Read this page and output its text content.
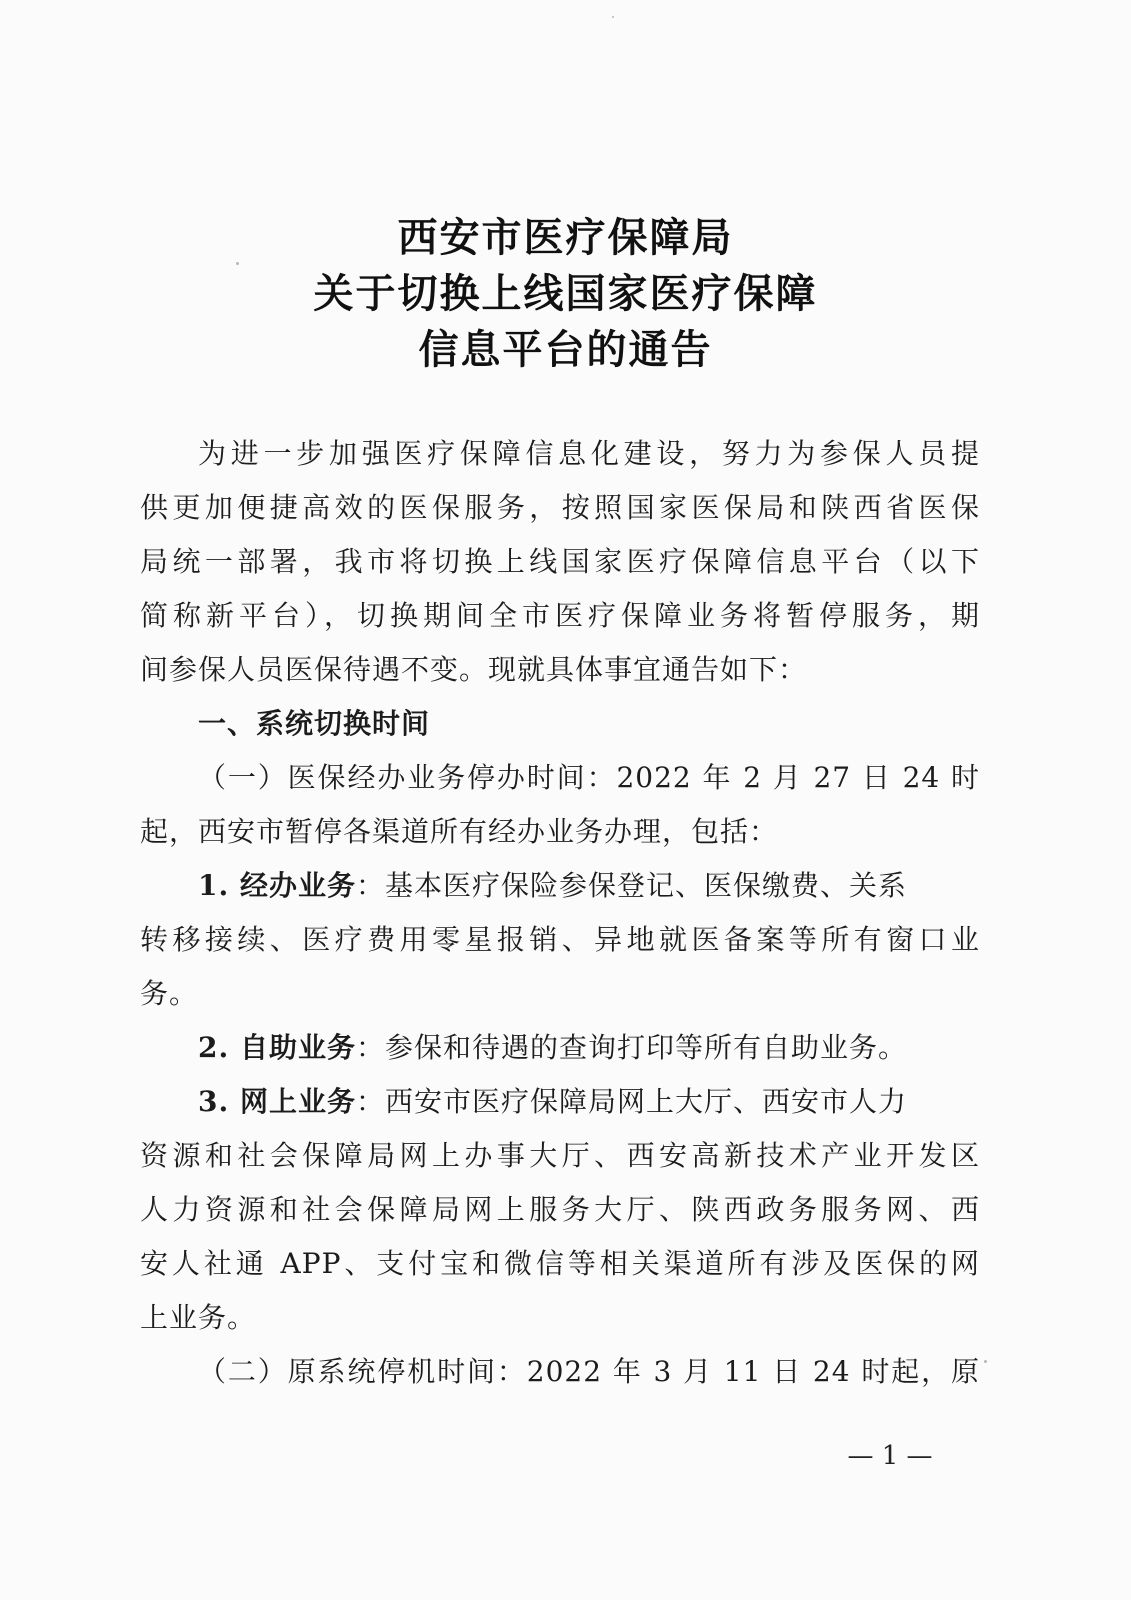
西安市医疗保障局
关于切换上线国家医疗保障
信息平台的通告
为进一步加强医疗保障信息化建设，努力为参保人员提
供更加便捷高效的医保服务，按照国家医保局和陕西省医保
局统一部署，我市将切换上线国家医疗保障信息平台（以下
简称新平台），切换期间全市医疗保障业务将暂停服务，期
间参保人员医保待遇不变。现就具体事宜通告如下：
一、系统切换时间
（一）医保经办业务停办时间：2022 年 2 月 27 日 24 时
起，西安市暂停各渠道所有经办业务办理，包括：
1. 经办业务：基本医疗保险参保登记、医保缴费、关系
转移接续、医疗费用零星报销、异地就医备案等所有窗口业
务。
2. 自助业务：参保和待遇的查询打印等所有自助业务。
3. 网上业务：西安市医疗保障局网上大厅、西安市人力
资源和社会保障局网上办事大厅、西安高新技术产业开发区
人力资源和社会保障局网上服务大厅、陕西政务服务网、西
安人社通 APP、支付宝和微信等相关渠道所有涉及医保的网
上业务。
（二）原系统停机时间：2022 年 3 月 11 日 24 时起，原
— 1 —
